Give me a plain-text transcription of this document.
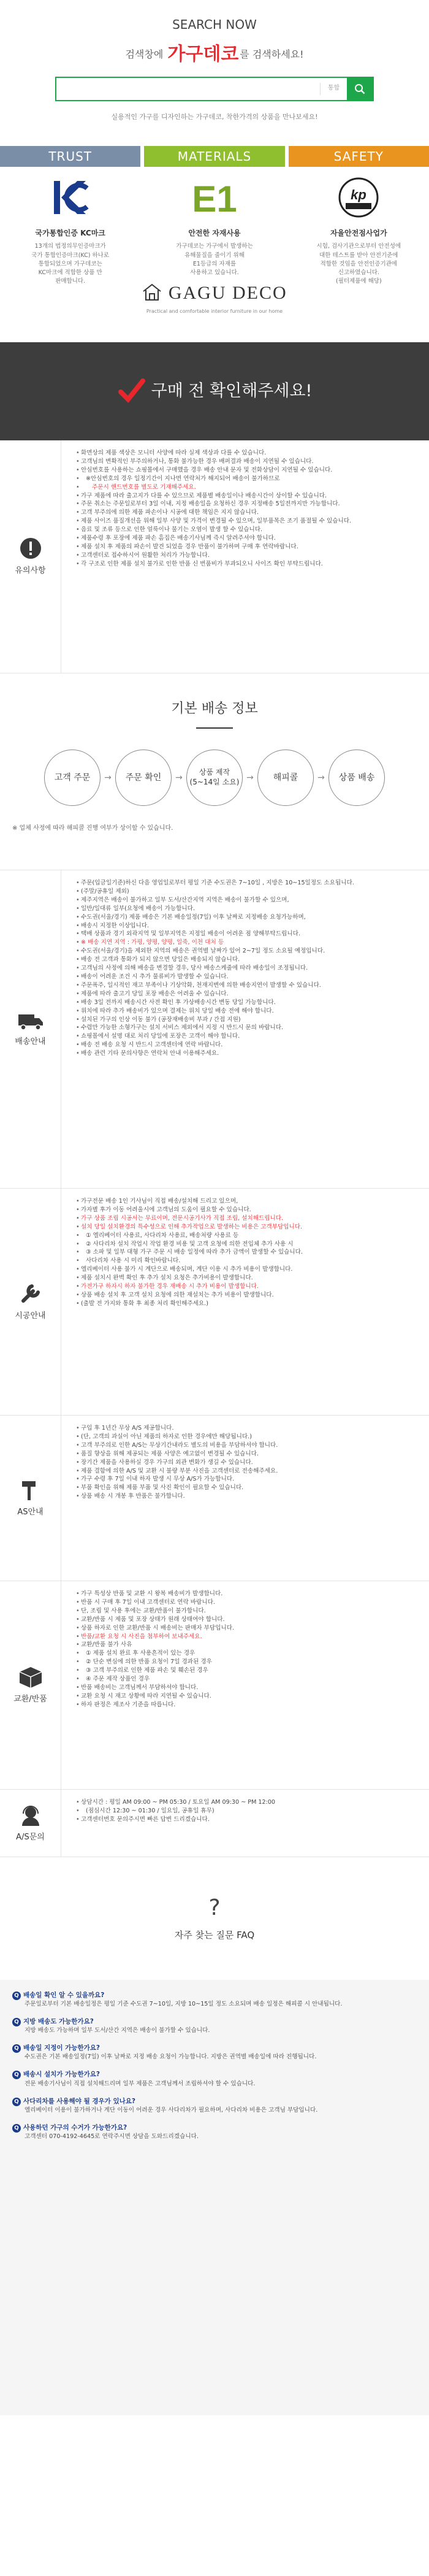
SEARCH NOW
검색창에 가구데코 를 검색하세요!
통합
실용적인 가구를 디자인하는 가구데코, 착한가격의 상품을 만나보세요!
TRUST
국가통합인증 KC마크
13개의 법정의무인증마크가
국가 통합인증마크(KC) 하나로
통합되었으며 가구데코는
KC마크에 적합한 상품 만
판매합니다.
MATERIALS
E1
안전한 자재사용
가구데코는 가구에서 발생하는
유해물질을 줄이기 위해
E1등급의 자재를
사용하고 있습니다.
SAFETY
kp
자율안전점사업가
시험, 검사기관으로부터 안전성에
대한 테스트를 받아 안전기준에
적합한 것임을 안전인증기관에
신고하였습니다.
(필터제품에 해당)
GAGU DECO
Practical and comfortable interior furniture in our home
구매 전 확인해주세요!
유의사항
• 화면상의 제품 색상은 모니터 사양에 따라 실제 색상과 다를 수 있습니다.
• 고객님의 변확적인 부주의하거나, 통화 불가능한 경우 배퍼결과 배송이 지연될 수 있습니다.
• 안심번호를 사용하는 쇼핑몰에서 구매했을 경우 배송 안내 문자 및 전화상담이 지연될 수 있습니다.
• ※안심번호의 경우 일정기간이 지나면 연락처가 해지되어 배송이 불가하므로
• 주문시 핸드번호를 별도로 기재해주세요.
• 가구 제품에 따라 출고지가 다를 수 있으므로 제품별 배송일이나 배송시간이 상이할 수 있습니다.
• 주문 취소는 주문일로부터 3일 이내, 지정 배송일을 요청하신 경우 지정배송 5일전까지만 가능합니다.
• 고객 부주의에 의한 제품 파손이나 시공에 대한 책임은 지지 않습니다.
• 제품 사이즈 품질개선을 위해 일부 사양 및 가격이 변경될 수 있으며, 일부품목은 조기 품절될 수 있습니다.
• 음료 및 조류 등으로 인한 얼룩이나 물기는 오염이 발생 할 수 있습니다.
• 제품수령 후 포장에 제품 파손 흠집은 배송기사님께 즉시 알려주셔야 합니다.
• 제품 설치 후 제품의 파손이 발견 되었을 경우 반품이 불가하며 구매 후 연락바랍니다.
• 고객센터로 접수하시어 원활한 처리가 가능합니다.
• 각 구조로 인한 제품 설치 불가로 인한 반품 신 번품비가 부과되오니 사이즈 확인 부탁드립니다.
기본 배송 정보
고객 주문	→	주문 확인	→
상품 제작
(5~14일 소요) →	해피콜	→	상품 배송
※ 업체 사정에 따라 해피콜 진행 여부가 상이할 수 있습니다.
배송안내
• 주문(입금일기준)하신 다음 영업일로부터 평일 기준 수도권은 7~10일 , 지방은 10~15일정도 소요됩니다.
• (주말/공휴일 제외)
• 제주지역은 배송이 불가하고 일부 도서/산간지역 지역은 배송이 불가할 수 있으며,
• 일반/일대류 일부(요청에 배송이 가능합니다.
• 수도권(서울/경기) 제품 배송은 기본 배송일정(7일) 이후 날짜로 지정배송 요청가능하며,
• 배송시 지정한 이상입니다.
• 택배 상품과 경기 외곽지역 및 일부지역은 지정일 배송이 어려운 점 양해부탁드립니다.
• ※ 배송 지연 지역 : 가평, 양평, 양평, 일죽, 이천 대처 등
• 수도권(서울/경기)을 제외한 지역의 배송은 권역별 날짜가 있어 2~7일 정도 소요될 예정입니다.
• 배송 전 고객과 통화가 되지 않으면 당일은 배송되지 않습니다.
• 고객님의 사정에 의해 배송을 변경할 경우, 당사 배송스케줄에 따라 배송일이 조정됩니다.
• 배송이 어려운 조건 시 추가 물류비가 발생할 수 있습니다.
• 주문폭주, 일시적인 재고 부족이나 기상악화, 천재지변에 의한 배송지연이 발생할 수 있습니다.
• 제품에 따라 출고기 당일 포장 배송은 어려울 수 있습니다.
• 배송 3일 전까지 배송시간 사전 확인 후 가상배송시간 변동 당일 가능합니다.
• 위치에 따라 추가 배송비가 있으며 결제는 위치 당일 배송 전에 해야 합니다.
• 설치된 가구의 인상 이동 불가 (공장재배송비 부과 / 간접 지원)
• 수렴만 가능한 소형가구는 설치 서비스 제외에서 지정 시 반드시 문의 바랍니다.
• 쇼핑몰에서 설명 대로 처리 당일에 포장은 고객이 해야 합니다.
• 배송 전 배송 요청 시 반드시 고객센터에 연락 바랍니다.
• 배송 관련 기타 문의사항은 연락처 안내 이용해주세요.
시공안내
• 가구전문 배송 1인 기사님이 직접 배송/설치해 드리고 있으며,
• 가자별 후가 이동 어려울시에 고객님의 도움이 필요할 수 있습니다.
• 가구 상품 조립 시공서는 무료이며, 전문시공기사가 직접 조립, 설치해드립니다.
• 설치 당일 설치환경의 특수성으로 인해 추가작업으로 발생하는 비용은 고객부담입니다.
• ① 엘리베이터 사용료, 사다리차 사용료, 배송처량 사용료 등
• ② 사다리차 설치 작업시 작업 환경 비용 및 고객 요청에 의한 전입체 추가 사용 시
• ③ 소파 및 일부 대형 가구 주문 시 배송 일정에 따라 추가 금액이 발생할 수 있습니다.
• 사다리차 사용 시 미리 확인바랍니다.
• 엘리베이터 사용 불가 시 계단으로 배송되며, 계단 이용 시 추가 비용이 발생합니다.
• 제품 설치시 완벽 확인 후 추가 설치 요청은 추가비용이 발생합니다.
• 가전가구 하자시 하자 불가한 경우 재배송 시 추가 비용이 발생합니다.
• 상품 배송 설치 후 고객 설치 요청에 의한 재설치는 추가 비용이 발생합니다.
• (출발 전 가지와 통화 후 최종 처리 확인해주세요.)
AS안내
• 구입 후 1년간 무상 A/S 제공합니다.
• (단, 고객의 과실이 아닌 제품의 하자로 인한 경우에만 해당됩니다.)
• 고객 부주의로 인한 A/S는 무상기간내라도 별도의 비용을 부담하셔야 합니다.
• 품질 향상을 위해 제공되는 제품 사양은 예고없이 변경될 수 있습니다.
• 장기간 제품을 사용하실 경우 가구의 외관 변화가 생길 수 있습니다.
• 제품 결함에 의한 A/S 및 교환 시 불량 부분 사진을 고객센터로 전송해주세요.
• 가구 수령 후 7일 이내 하자 발생 시 무상 A/S가 가능합니다.
• 부품 확인을 위해 제품 부품 및 사진 확인이 필요할 수 있습니다.
• 상품 배송 시 개봉 후 반품은 불가합니다.
교환/반품
• 가구 특성상 반품 및 교환 시 왕복 배송비가 발생합니다.
• 반품 시 구매 후 7일 이내 고객센터로 연락 바랍니다.
• 단, 조립 및 사용 후에는 교환/반품이 불가합니다.
• 교환/반품 시 제품 및 포장 상태가 원래 상태여야 합니다.
• 상품 하자로 인한 교환/반품 시 배송비는 판매자 부담입니다.
• 반품/교환 요청 시 사진을 첨부하여 보내주세요.
• 교환/반품 불가 사유
• ① 제품 설치 완료 후 사용흔적이 있는 경우
• ② 단순 변심에 의한 반품 요청이 7일 경과된 경우
• ③ 고객 부주의로 인한 제품 파손 및 훼손된 경우
• ④ 주문 제작 상품인 경우
• 반품 배송비는 고객님께서 부담하셔야 합니다.
• 교환 요청 시 재고 상황에 따라 지연될 수 있습니다.
• 하자 판정은 제조사 기준을 따릅니다.
A/S문의
• 상담시간 : 평일 AM 09:00 ~ PM 05:30 / 토요일 AM 09:30 ~ PM 12:00
• (점심시간 12:30 ~ 01:30 / 일요일, 공휴일 휴무)
• 고객센터번호 문의주시면 빠른 답변 드리겠습니다.
?
자주 찾는 질문 FAQ
Q 배송일 확인 알 수 있을까요?
주문일로부터 기본 배송일정은 평일 기준 수도권 7~10일, 지방 10~15일 정도 소요되며 배송 일정은 해피콜 시 안내됩니다.
Q 지방 배송도 가능한가요?
지방 배송도 가능하며 일부 도서/산간 지역은 배송이 불가할 수 있습니다.
Q 배송일 지정이 가능한가요?
수도권은 기본 배송일정(7일) 이후 날짜로 지정 배송 요청이 가능합니다. 지방은 권역별 배송일에 따라 진행됩니다.
Q 배송시 설치가 가능한가요?
전문 배송기사님이 직접 설치해드리며 일부 제품은 고객님께서 조립하셔야 할 수 있습니다.
Q 사다리차를 사용해야 될 경우가 있나요?
엘리베이터 이용이 불가하거나 계단 이동이 어려운 경우 사다리차가 필요하며, 사다리차 비용은 고객님 부담입니다.
Q 사용하던 가구의 수거가 가능한가요?
고객센터 070-4192-4645로 연락주시면 상담을 도와드리겠습니다.
